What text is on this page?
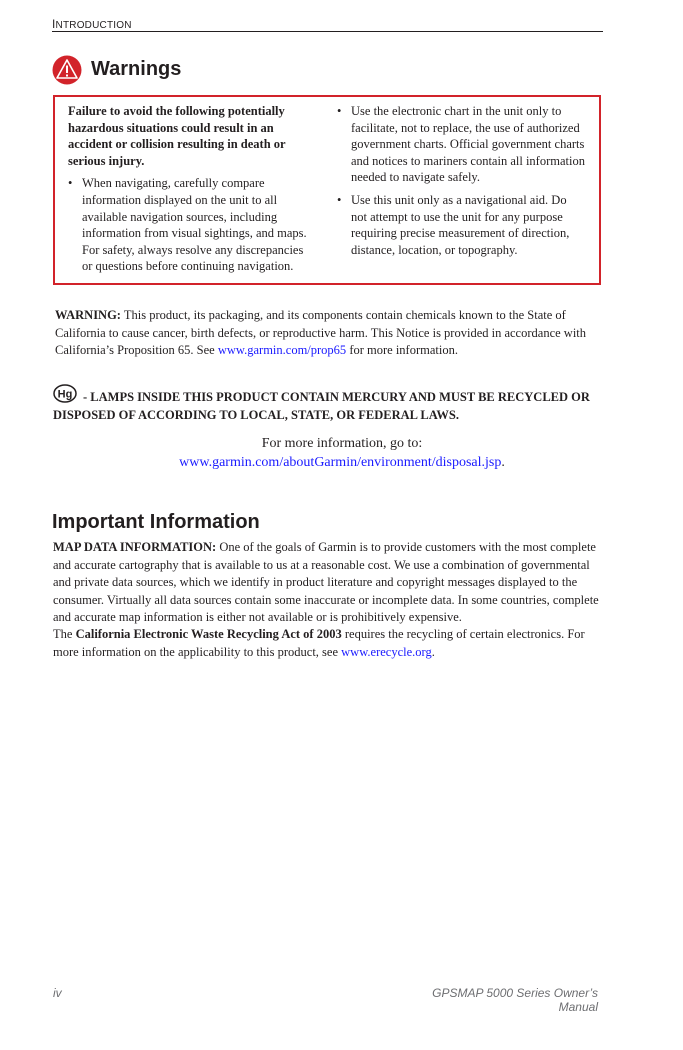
INTRODUCTION
Warnings

Failure to avoid the following potentially hazardous situations could result in an accident or collision resulting in death or serious injury.

• When navigating, carefully compare information displayed on the unit to all available navigation sources, including information from visual sightings, and maps. For safety, always resolve any discrepancies or questions before continuing navigation.
• Use the electronic chart in the unit only to facilitate, not to replace, the use of authorized government charts. Official government charts and notices to mariners contain all information needed to navigate safely.
• Use this unit only as a navigational aid. Do not attempt to use the unit for any purpose requiring precise measurement of direction, distance, location, or topography.
WARNING: This product, its packaging, and its components contain chemicals known to the State of California to cause cancer, birth defects, or reproductive harm. This Notice is provided in accordance with California’s Proposition 65. See www.garmin.com/prop65 for more information.
- LAMPS INSIDE THIS PRODUCT CONTAIN MERCURY AND MUST BE RECYCLED OR DISPOSED OF ACCORDING TO LOCAL, STATE, OR FEDERAL LAWS.
Hg
For more information, go to:
www.garmin.com/aboutGarmin/environment/disposal.jsp.
Important Information
MAP DATA INFORMATION: One of the goals of Garmin is to provide customers with the most complete and accurate cartography that is available to us at a reasonable cost. We use a combination of governmental and private data sources, which we identify in product literature and copyright messages displayed to the consumer. Virtually all data sources contain some inaccurate or incomplete data. In some countries, complete and accurate map information is either not available or is prohibitively expensive.
The California Electronic Waste Recycling Act of 2003 requires the recycling of certain electronics. For more information on the applicability to this product, see www.erecycle.org.
iv	GPSMAP 5000 Series Owner’s Manual
